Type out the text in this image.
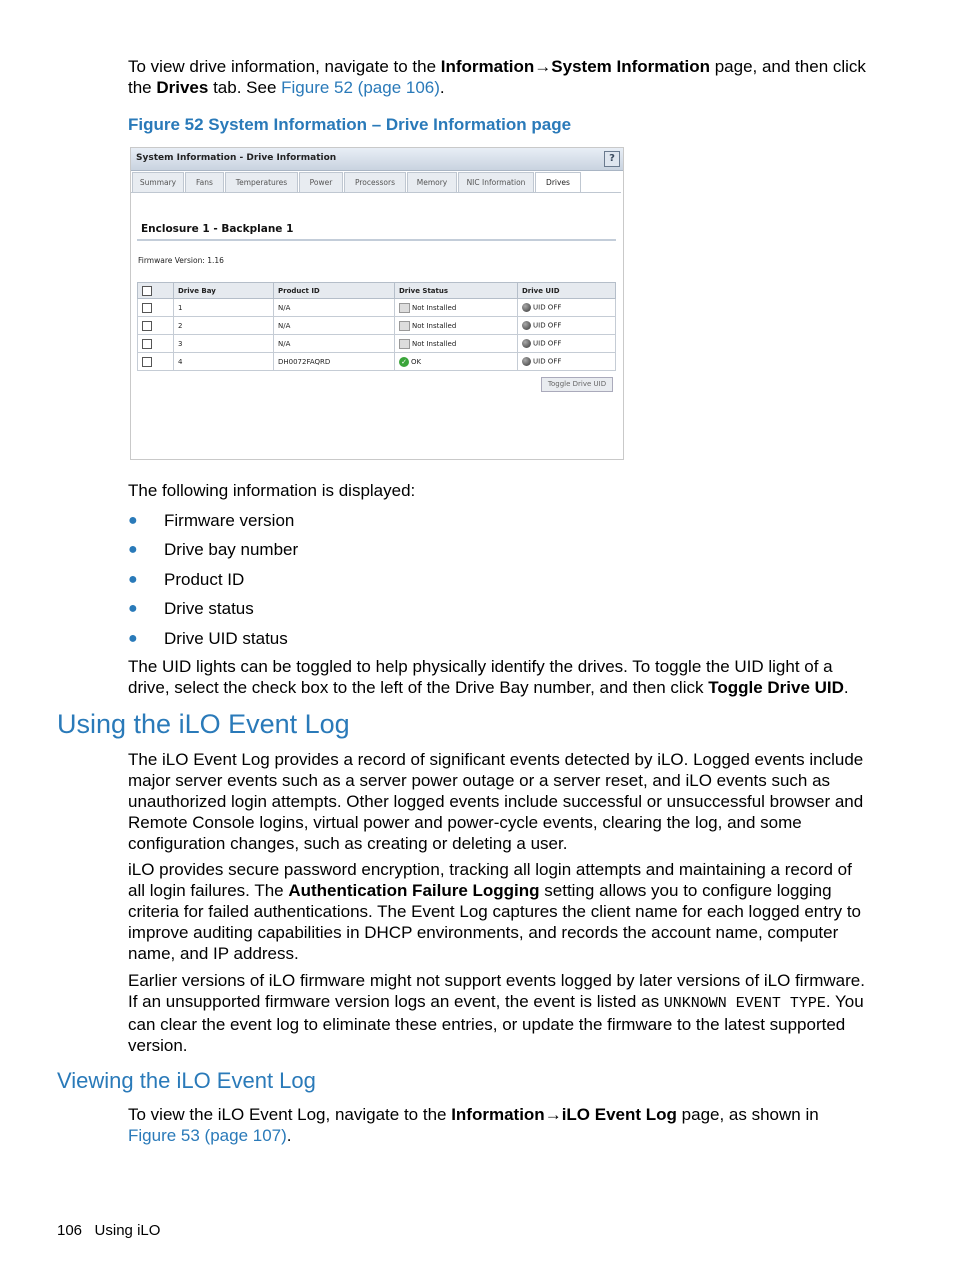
To view drive information, navigate to the Information→System Information page, and then click the Drives tab. See Figure 52 (page 106).

Figure 52 System Information – Drive Information page
System Information - Drive Information	?
Summary	Fans	Temperatures	Power	Processors	Memory	NIC Information	Drives
Enclosure 1 - Backplane 1
Firmware Version: 1.16
	Drive Bay	Product ID	Drive Status	Drive UID
	1	N/A	Not Installed	UID OFF
	2	N/A	Not Installed	UID OFF
	3	N/A	Not Installed	UID OFF
	4	DH0072FAQRD	✓ OK	UID OFF
Toggle Drive UID

The following information is displayed:

● Firmware version
● Drive bay number
● Product ID
● Drive status
● Drive UID status

The UID lights can be toggled to help physically identify the drives. To toggle the UID light of a drive, select the check box to the left of the Drive Bay number, and then click Toggle Drive UID.

Using the iLO Event Log

The iLO Event Log provides a record of significant events detected by iLO. Logged events include major server events such as a server power outage or a server reset, and iLO events such as unauthorized login attempts. Other logged events include successful or unsuccessful browser and Remote Console logins, virtual power and power-cycle events, clearing the log, and some configuration changes, such as creating or deleting a user.

iLO provides secure password encryption, tracking all login attempts and maintaining a record of all login failures. The Authentication Failure Logging setting allows you to configure logging criteria for failed authentications. The Event Log captures the client name for each logged entry to improve auditing capabilities in DHCP environments, and records the account name, computer name, and IP address.

Earlier versions of iLO firmware might not support events logged by later versions of iLO firmware. If an unsupported firmware version logs an event, the event is listed as UNKNOWN EVENT TYPE. You can clear the event log to eliminate these entries, or update the firmware to the latest supported version.

Viewing the iLO Event Log

To view the iLO Event Log, navigate to the Information→iLO Event Log page, as shown in Figure 53 (page 107).

106 Using iLO
